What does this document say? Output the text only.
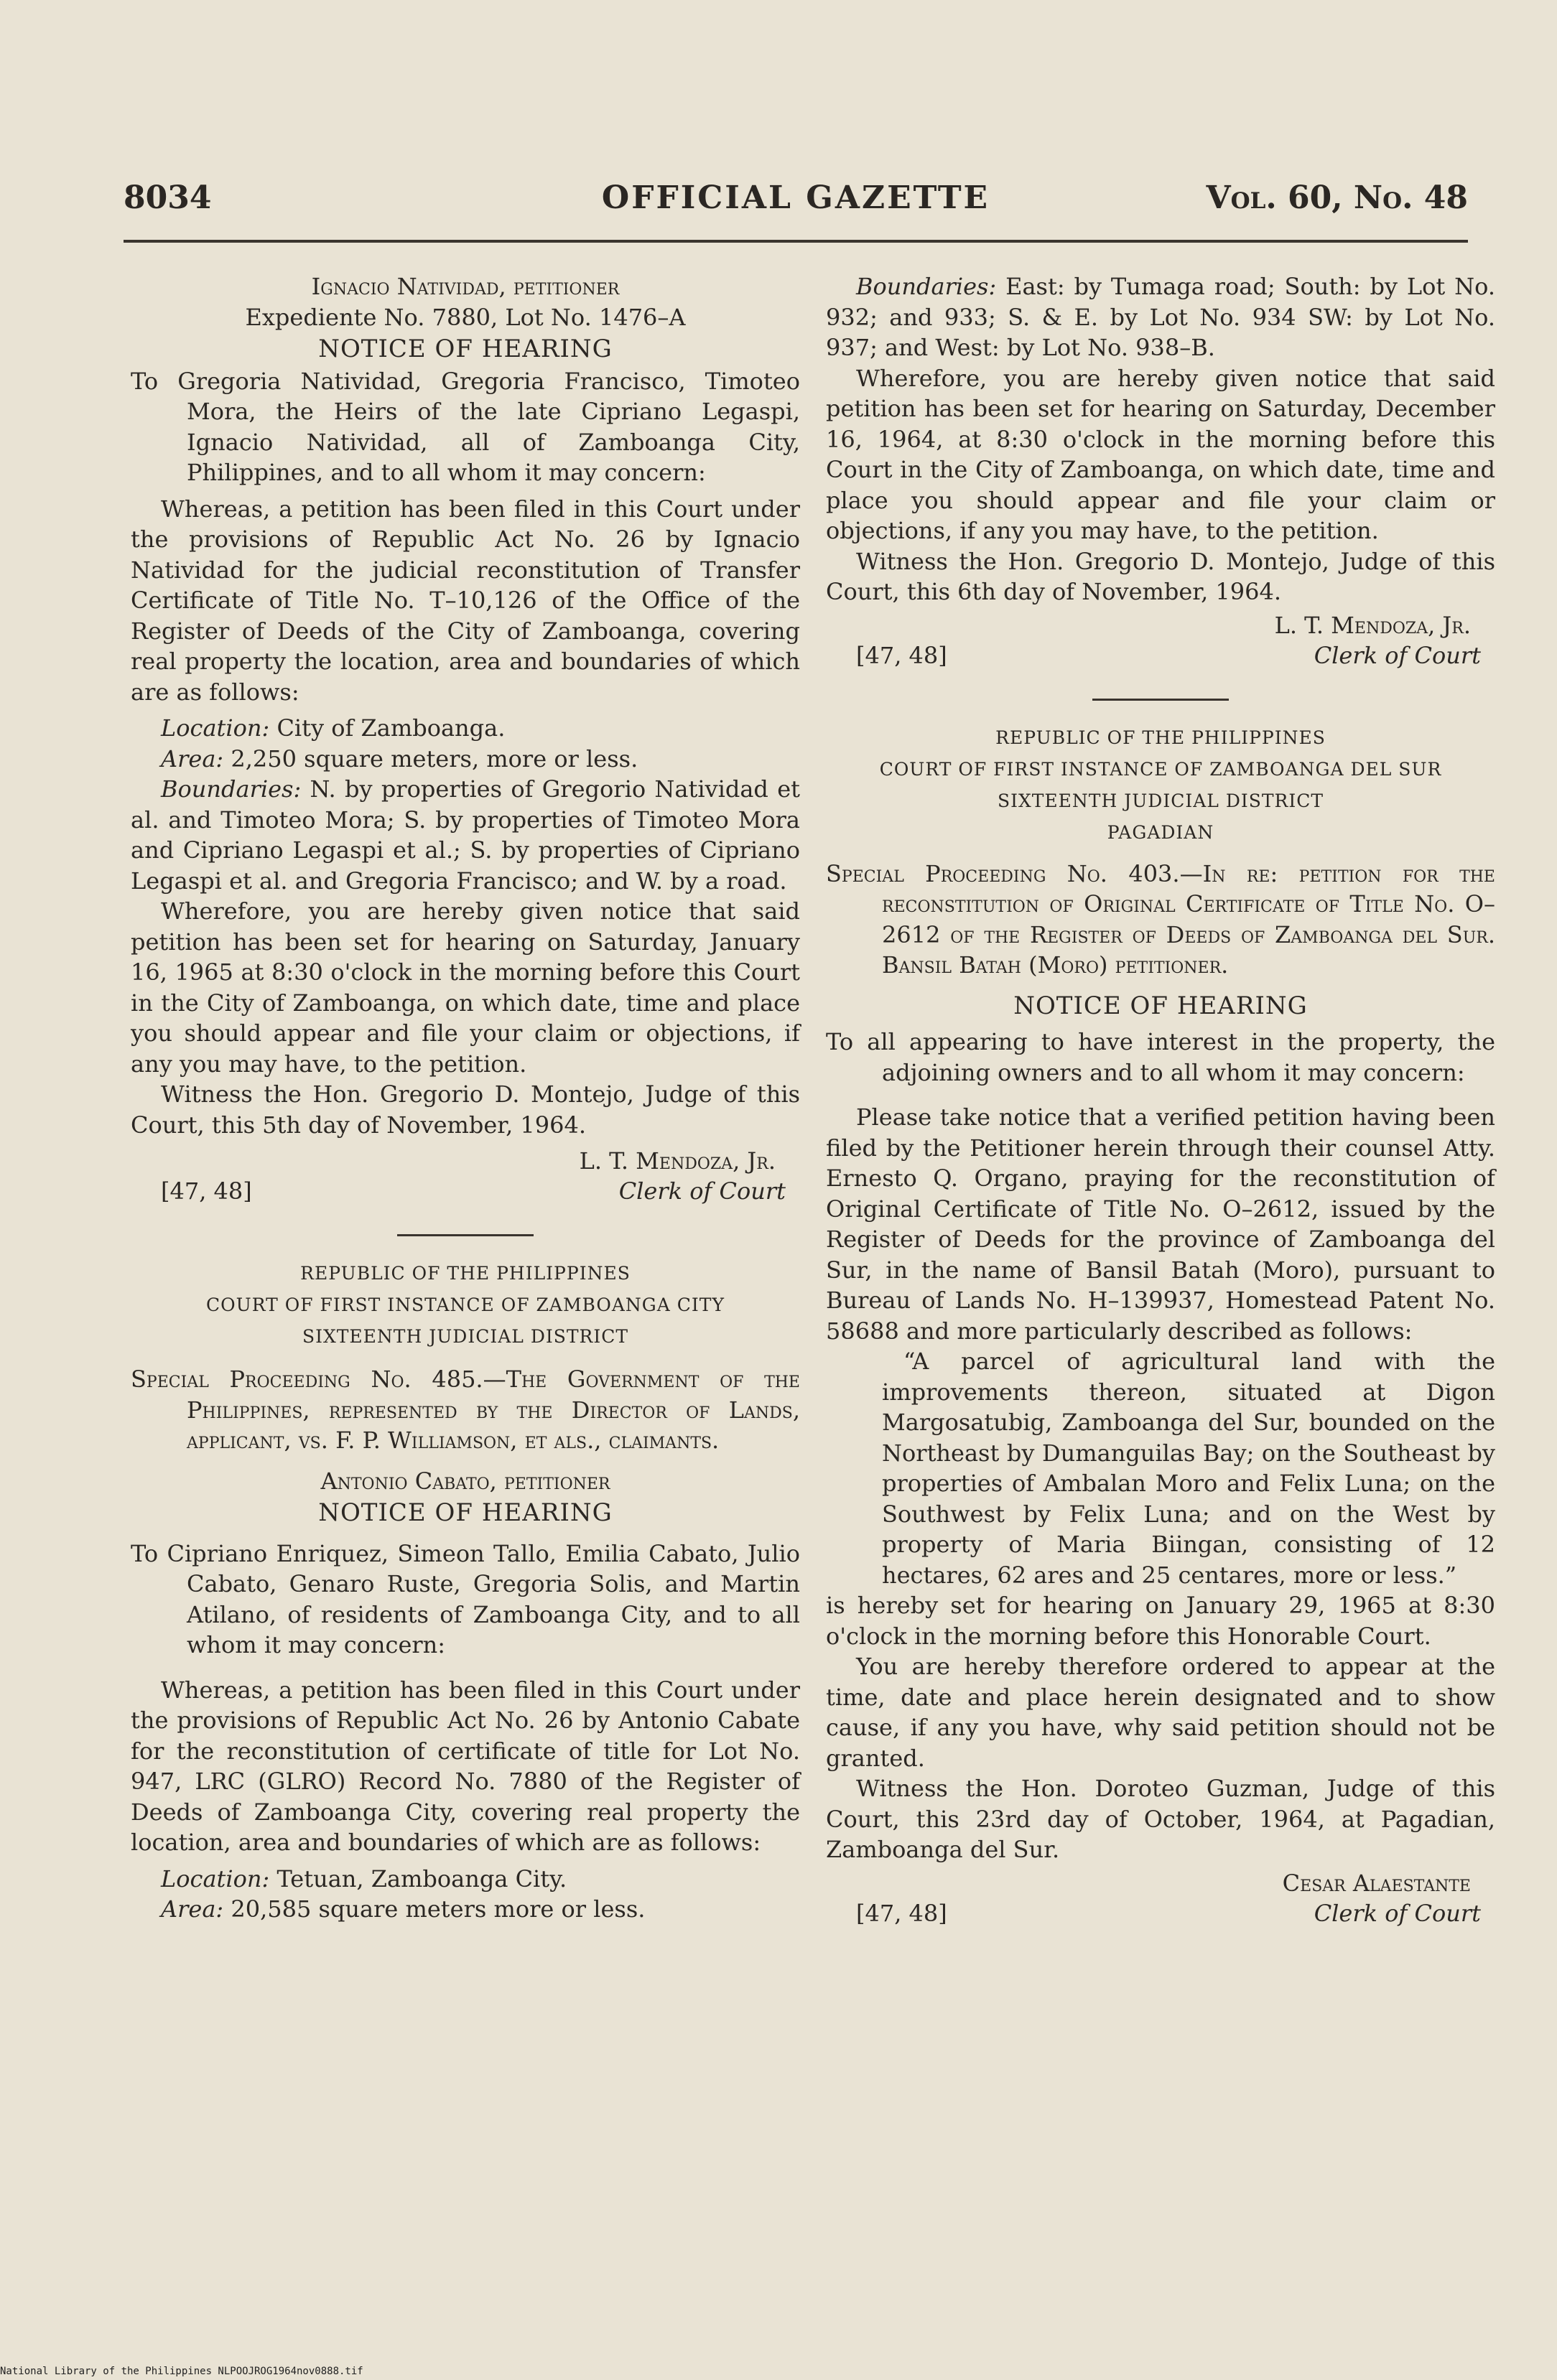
8034	OFFICIAL GAZETTE	Vol. 60, No. 48
Ignacio Natividad, petitioner
Expediente No. 7880, Lot No. 1476–A
NOTICE OF HEARING
To Gregoria Natividad, Gregoria Francisco, Timoteo Mora, the Heirs of the late Cipriano Legaspi, Ignacio Natividad, all of Zamboanga City, Philippines, and to all whom it may concern:
Whereas, a petition has been filed in this Court under the provisions of Republic Act No. 26 by Ignacio Natividad for the judicial reconstitution of Transfer Certificate of Title No. T–10,126 of the Office of the Register of Deeds of the City of Zamboanga, covering real property the location, area and boundaries of which are as follows:
Location: City of Zamboanga.
Area: 2,250 square meters, more or less.
Boundaries: N. by properties of Gregorio Natividad et al. and Timoteo Mora; S. by properties of Timoteo Mora and Cipriano Legaspi et al.; S. by properties of Cipriano Legaspi et al. and Gregoria Francisco; and W. by a road.
Wherefore, you are hereby given notice that said petition has been set for hearing on Saturday, January 16, 1965 at 8:30 o'clock in the morning before this Court in the City of Zamboanga, on which date, time and place you should appear and file your claim or objections, if any you may have, to the petition.
Witness the Hon. Gregorio D. Montejo, Judge of this Court, this 5th day of November, 1964.
L. T. Mendoza, Jr.
[47, 48]	Clerk of Court
REPUBLIC OF THE PHILIPPINES
COURT OF FIRST INSTANCE OF ZAMBOANGA CITY
SIXTEENTH JUDICIAL DISTRICT
Special Proceeding No. 485.—The Government of the Philippines, represented by the Director of Lands, applicant, vs. F. P. Williamson, et als., claimants.
Antonio Cabato, petitioner
NOTICE OF HEARING
To Cipriano Enriquez, Simeon Tallo, Emilia Cabato, Julio Cabato, Genaro Ruste, Gregoria Solis, and Martin Atilano, of residents of Zamboanga City, and to all whom it may concern:
Whereas, a petition has been filed in this Court under the provisions of Republic Act No. 26 by Antonio Cabate for the reconstitution of certificate of title for Lot No. 947, LRC (GLRO) Record No. 7880 of the Register of Deeds of Zamboanga City, covering real property the location, area and boundaries of which are as follows:
Location: Tetuan, Zamboanga City.
Area: 20,585 square meters more or less.
Boundaries: East: by Tumaga road; South: by Lot No. 932; and 933; S. & E. by Lot No. 934 SW: by Lot No. 937; and West: by Lot No. 938–B.
Wherefore, you are hereby given notice that said petition has been set for hearing on Saturday, December 16, 1964, at 8:30 o'clock in the morning before this Court in the City of Zamboanga, on which date, time and place you should appear and file your claim or objections, if any you may have, to the petition.
Witness the Hon. Gregorio D. Montejo, Judge of this Court, this 6th day of November, 1964.
L. T. Mendoza, Jr.
[47, 48]	Clerk of Court
REPUBLIC OF THE PHILIPPINES
COURT OF FIRST INSTANCE OF ZAMBOANGA DEL SUR
SIXTEENTH JUDICIAL DISTRICT
PAGADIAN
Special Proceeding No. 403.—In re: petition for the reconstitution of Original Certificate of Title No. O–2612 of the Register of Deeds of Zamboanga del Sur. Bansil Batah (Moro) petitioner.
NOTICE OF HEARING
To all appearing to have interest in the property, the adjoining owners and to all whom it may concern:
Please take notice that a verified petition having been filed by the Petitioner herein through their counsel Atty. Ernesto Q. Organo, praying for the reconstitution of Original Certificate of Title No. O–2612, issued by the Register of Deeds for the province of Zamboanga del Sur, in the name of Bansil Batah (Moro), pursuant to Bureau of Lands No. H–139937, Homestead Patent No. 58688 and more particularly described as follows:
“A parcel of agricultural land with the improvements thereon, situated at Digon Margosatubig, Zamboanga del Sur, bounded on the Northeast by Dumanguilas Bay; on the Southeast by properties of Ambalan Moro and Felix Luna; on the Southwest by Felix Luna; and on the West by property of Maria Biingan, consisting of 12 hectares, 62 ares and 25 centares, more or less.”
is hereby set for hearing on January 29, 1965 at 8:30 o'clock in the morning before this Honorable Court.
You are hereby therefore ordered to appear at the time, date and place herein designated and to show cause, if any you have, why said petition should not be granted.
Witness the Hon. Doroteo Guzman, Judge of this Court, this 23rd day of October, 1964, at Pagadian, Zamboanga del Sur.
Cesar Alaestante
[47, 48]	Clerk of Court
National Library of the Philippines NLPOOJROG1964nov0888.tif
